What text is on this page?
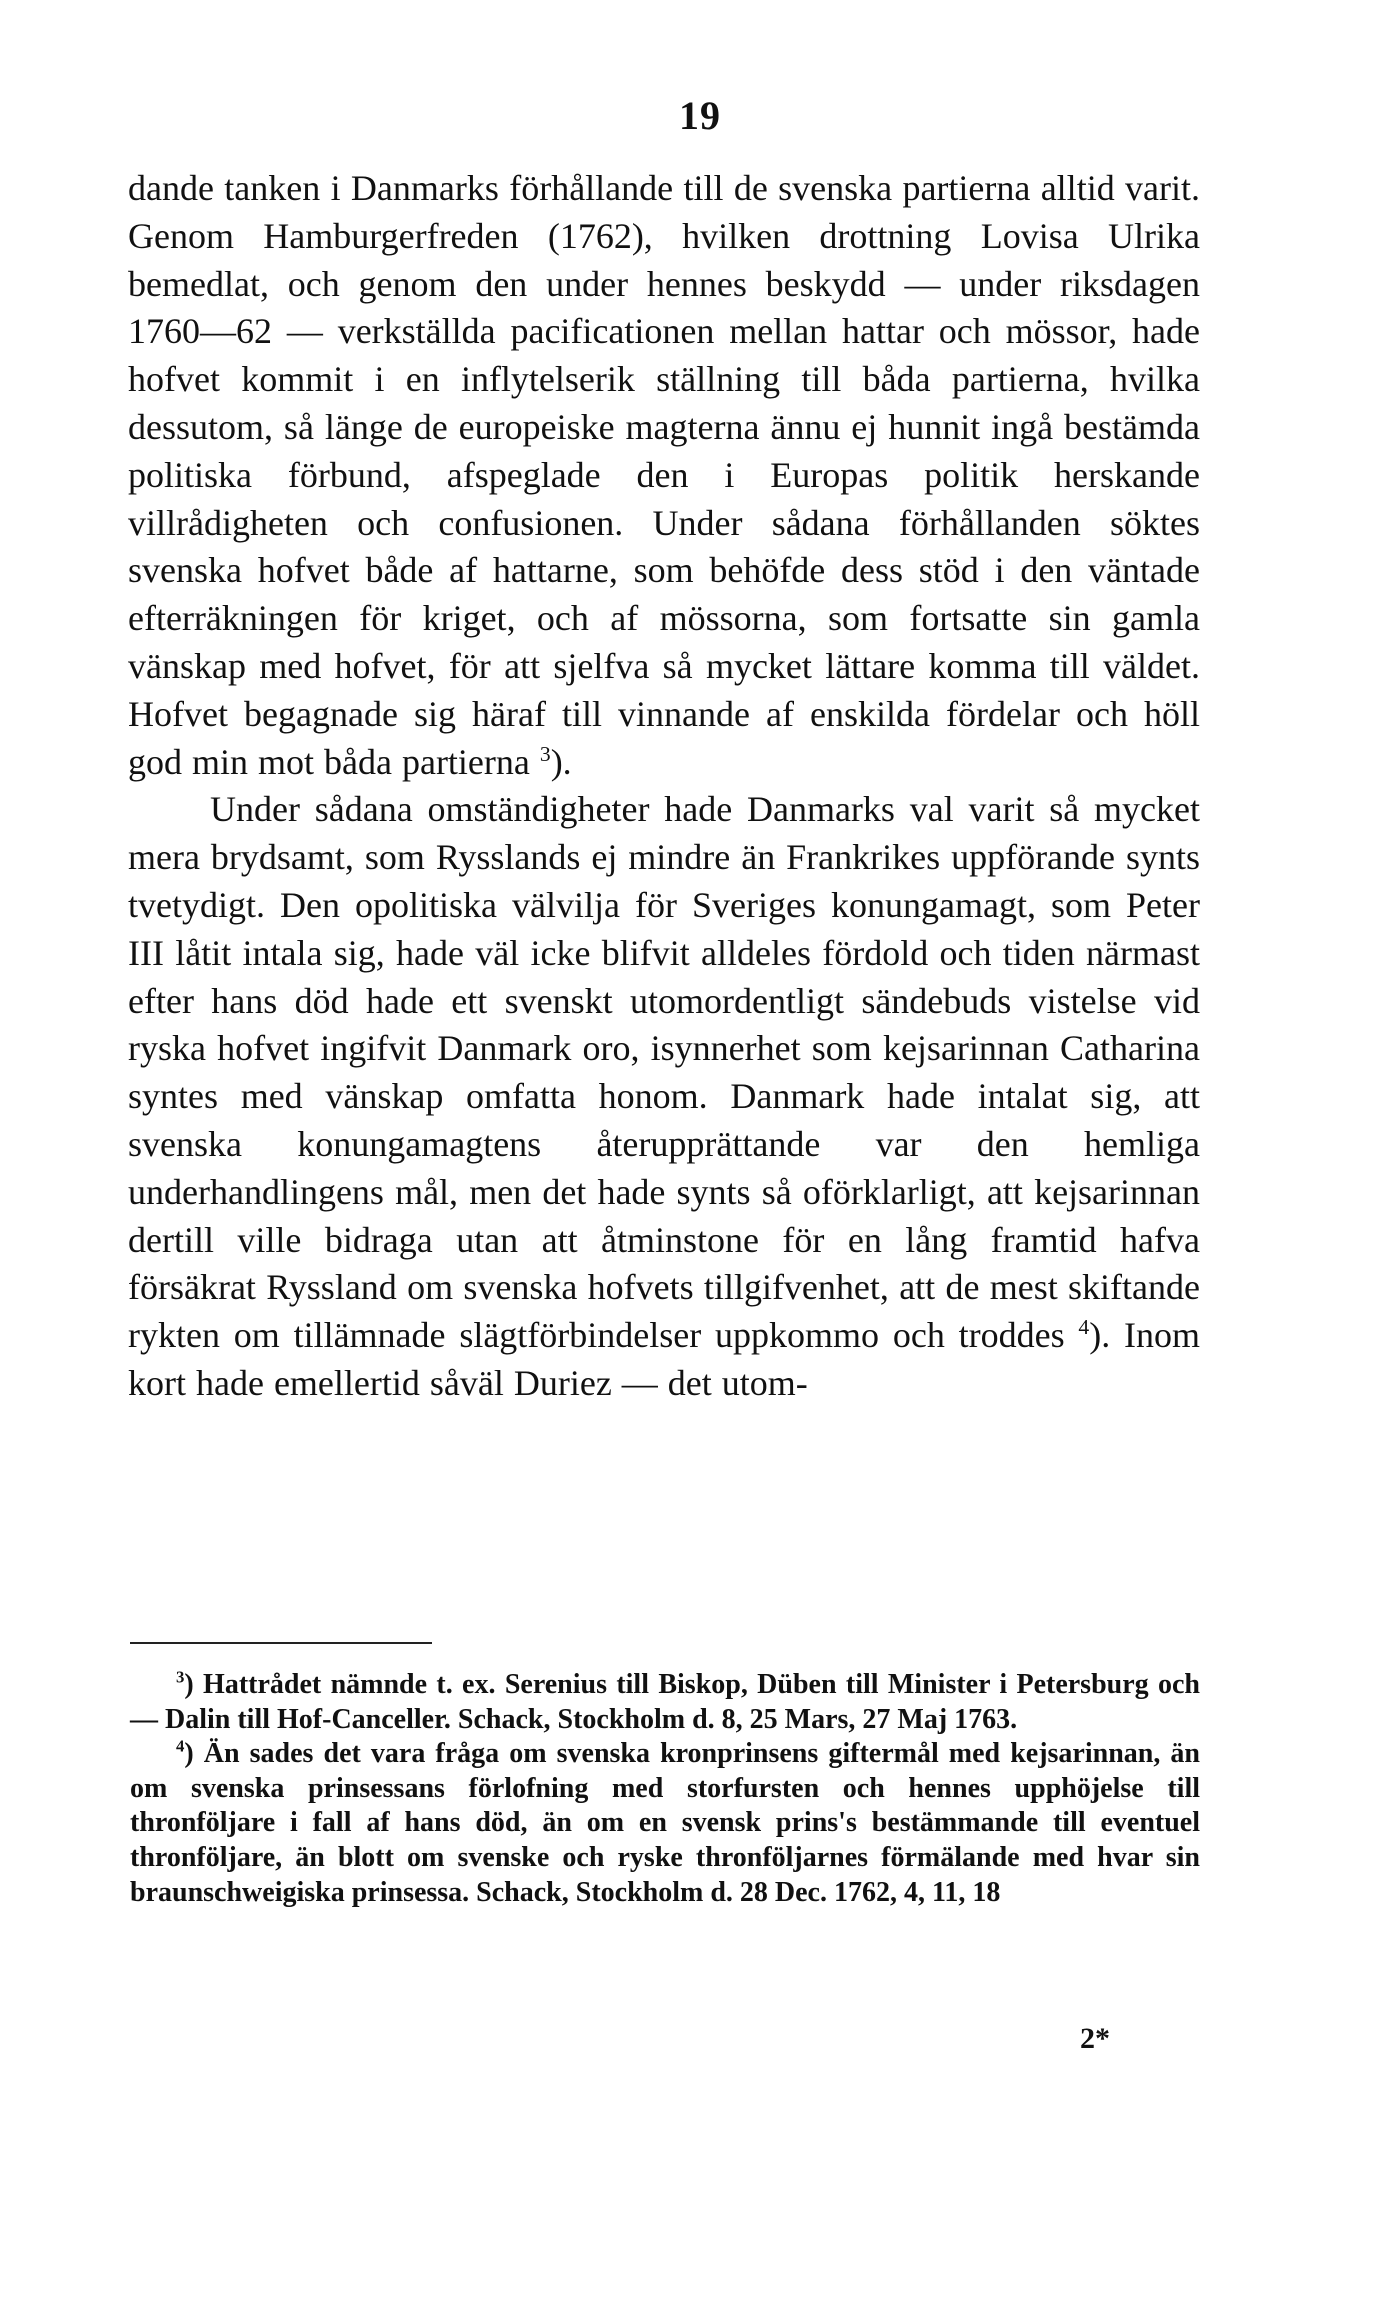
19

dande tanken i Danmarks förhållande till de svenska partierna alltid varit. Genom Hamburgerfreden (1762), hvilken drottning Lovisa Ulrika bemedlat, och genom den under hennes beskydd — under riksdagen 1760—62 — verkställda pacificationen mellan hattar och mössor, hade hofvet kommit i en inflytelserik ställning till båda partierna, hvilka dessutom, så länge de europeiske magterna ännu ej hunnit ingå bestämda politiska förbund, afspeglade den i Europas politik herskande villrådigheten och confusionen. Under sådana förhållanden söktes svenska hofvet både af hattarne, som behöfde dess stöd i den väntade efterräkningen för kriget, och af mössorna, som fortsatte sin gamla vänskap med hofvet, för att sjelfva så mycket lättare komma till väldet. Hofvet begagnade sig häraf till vinnande af enskilda fördelar och höll god min mot båda partierna $^3$).

Under sådana omständigheter hade Danmarks val varit så mycket mera brydsamt, som Rysslands ej mindre än Frankrikes uppförande synts tvetydigt. Den opolitiska välvilja för Sveriges konungamagt, som Peter III låtit intala sig, hade väl icke blifvit alldeles fördold och tiden närmast efter hans död hade ett svenskt utomordentligt sändebuds vistelse vid ryska hofvet ingifvit Danmark oro, isynnerhet som kejsarinnan Catharina syntes med vänskap omfatta honom. Danmark hade intalat sig, att svenska konungamagtens återupprättande var den hemliga underhandlingens mål, men det hade synts så oförklarligt, att kejsarinnan dertill ville bidraga utan att åtminstone för en lång framtid hafva försäkrat Ryssland om svenska hofvets tillgifvenhet, att de mest skiftande rykten om tillämnade slägtförbindelser uppkommo och troddes $^4$). Inom kort hade emellertid såväl Duriez — det utom-

$^3$) Hattrådet nämnde t. ex. Serenius till Biskop, Düben till Minister i Petersburg och — Dalin till Hof-Canceller. Schack, Stockholm d. 8, 25 Mars, 27 Maj 1763.

$^4$) Än sades det vara fråga om svenska kronprinsens giftermål med kejsarinnan, än om svenska prinsessans förlofning med storfursten och hennes upphöjelse till thronföljare i fall af hans död, än om en svensk prins's bestämmande till eventuel thronföljare, än blott om svenske och ryske thronföljarnes förmälande med hvar sin braunschweigiska prinsessa. Schack, Stockholm d. 28 Dec. 1762, 4, 11, 18

2*
